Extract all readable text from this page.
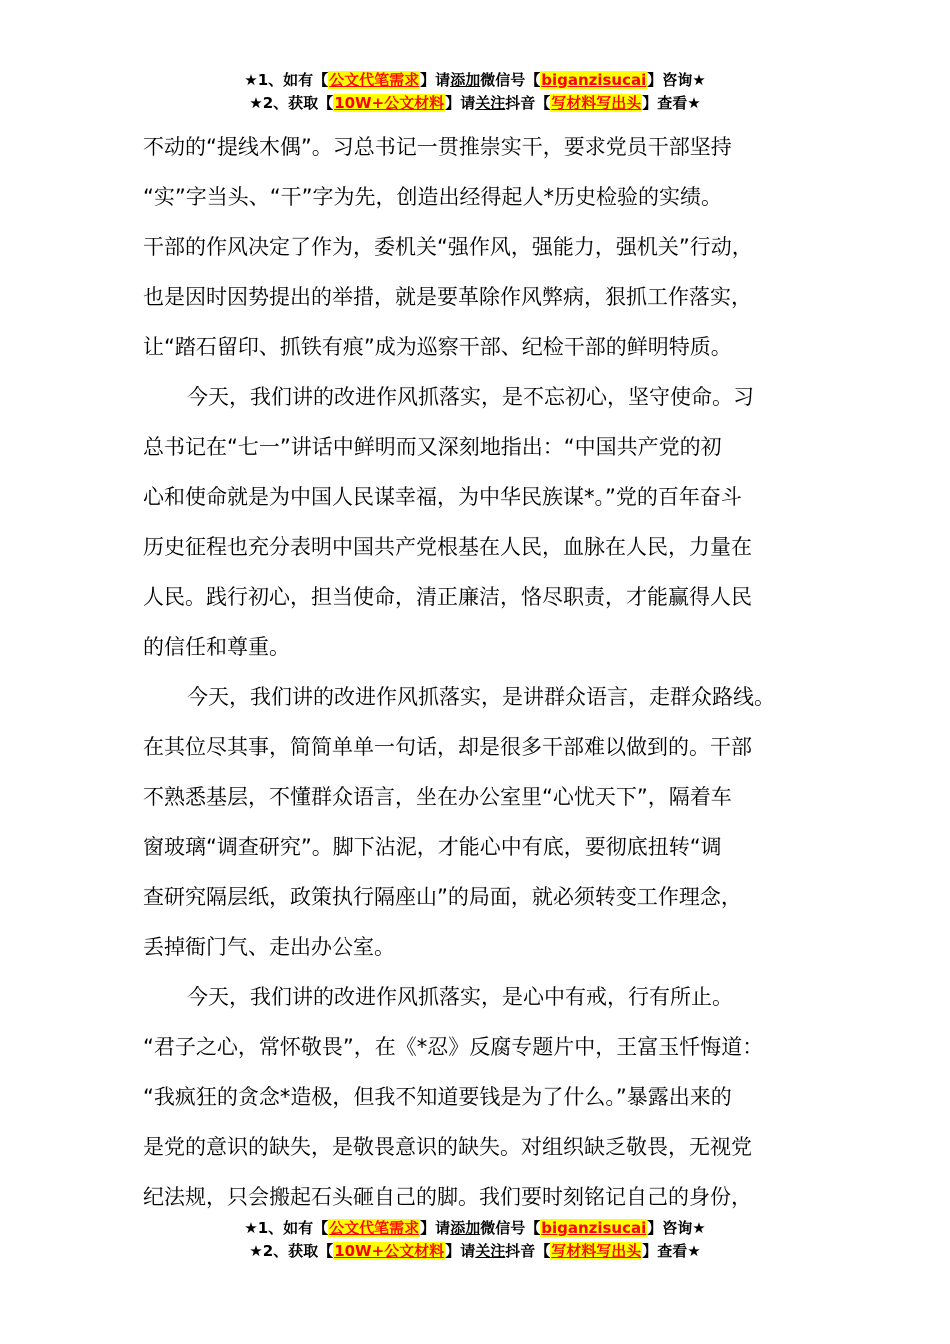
★1、如有【公文代笔需求】请添加微信号【biganzisucai】咨询★
★2、获取【10W+公文材料】请关注抖音【写材料写出头】查看★
不动的“提线木偶”。习总书记一贯推崇实干，要求党员干部坚持
“实”字当头、“干”字为先，创造出经得起人*历史检验的实绩。
干部的作风决定了作为，委机关“强作风，强能力，强机关”行动，
也是因时因势提出的举措，就是要革除作风弊病，狠抓工作落实，
让“踏石留印、抓铁有痕”成为巡察干部、纪检干部的鲜明特质。
今天，我们讲的改进作风抓落实，是不忘初心，坚守使命。习
总书记在“七一”讲话中鲜明而又深刻地指出：“中国共产党的初
心和使命就是为中国人民谋幸福，为中华民族谋*。”党的百年奋斗
历史征程也充分表明中国共产党根基在人民，血脉在人民，力量在
人民。践行初心，担当使命，清正廉洁，恪尽职责，才能赢得人民
的信任和尊重。
今天，我们讲的改进作风抓落实，是讲群众语言，走群众路线。
在其位尽其事，简简单单一句话，却是很多干部难以做到的。干部
不熟悉基层，不懂群众语言，坐在办公室里“心忧天下”，隔着车
窗玻璃“调查研究”。脚下沾泥，才能心中有底，要彻底扭转“调
查研究隔层纸，政策执行隔座山”的局面，就必须转变工作理念，
丢掉衙门气、走出办公室。
今天，我们讲的改进作风抓落实，是心中有戒，行有所止。
“君子之心，常怀敬畏”，在《*忍》反腐专题片中，王富玉忏悔道：
“我疯狂的贪念*造极，但我不知道要钱是为了什么。”暴露出来的
是党的意识的缺失，是敬畏意识的缺失。对组织缺乏敬畏，无视党
纪法规，只会搬起石头砸自己的脚。我们要时刻铭记自己的身份，
★1、如有【公文代笔需求】请添加微信号【biganzisucai】咨询★
★2、获取【10W+公文材料】请关注抖音【写材料写出头】查看★
